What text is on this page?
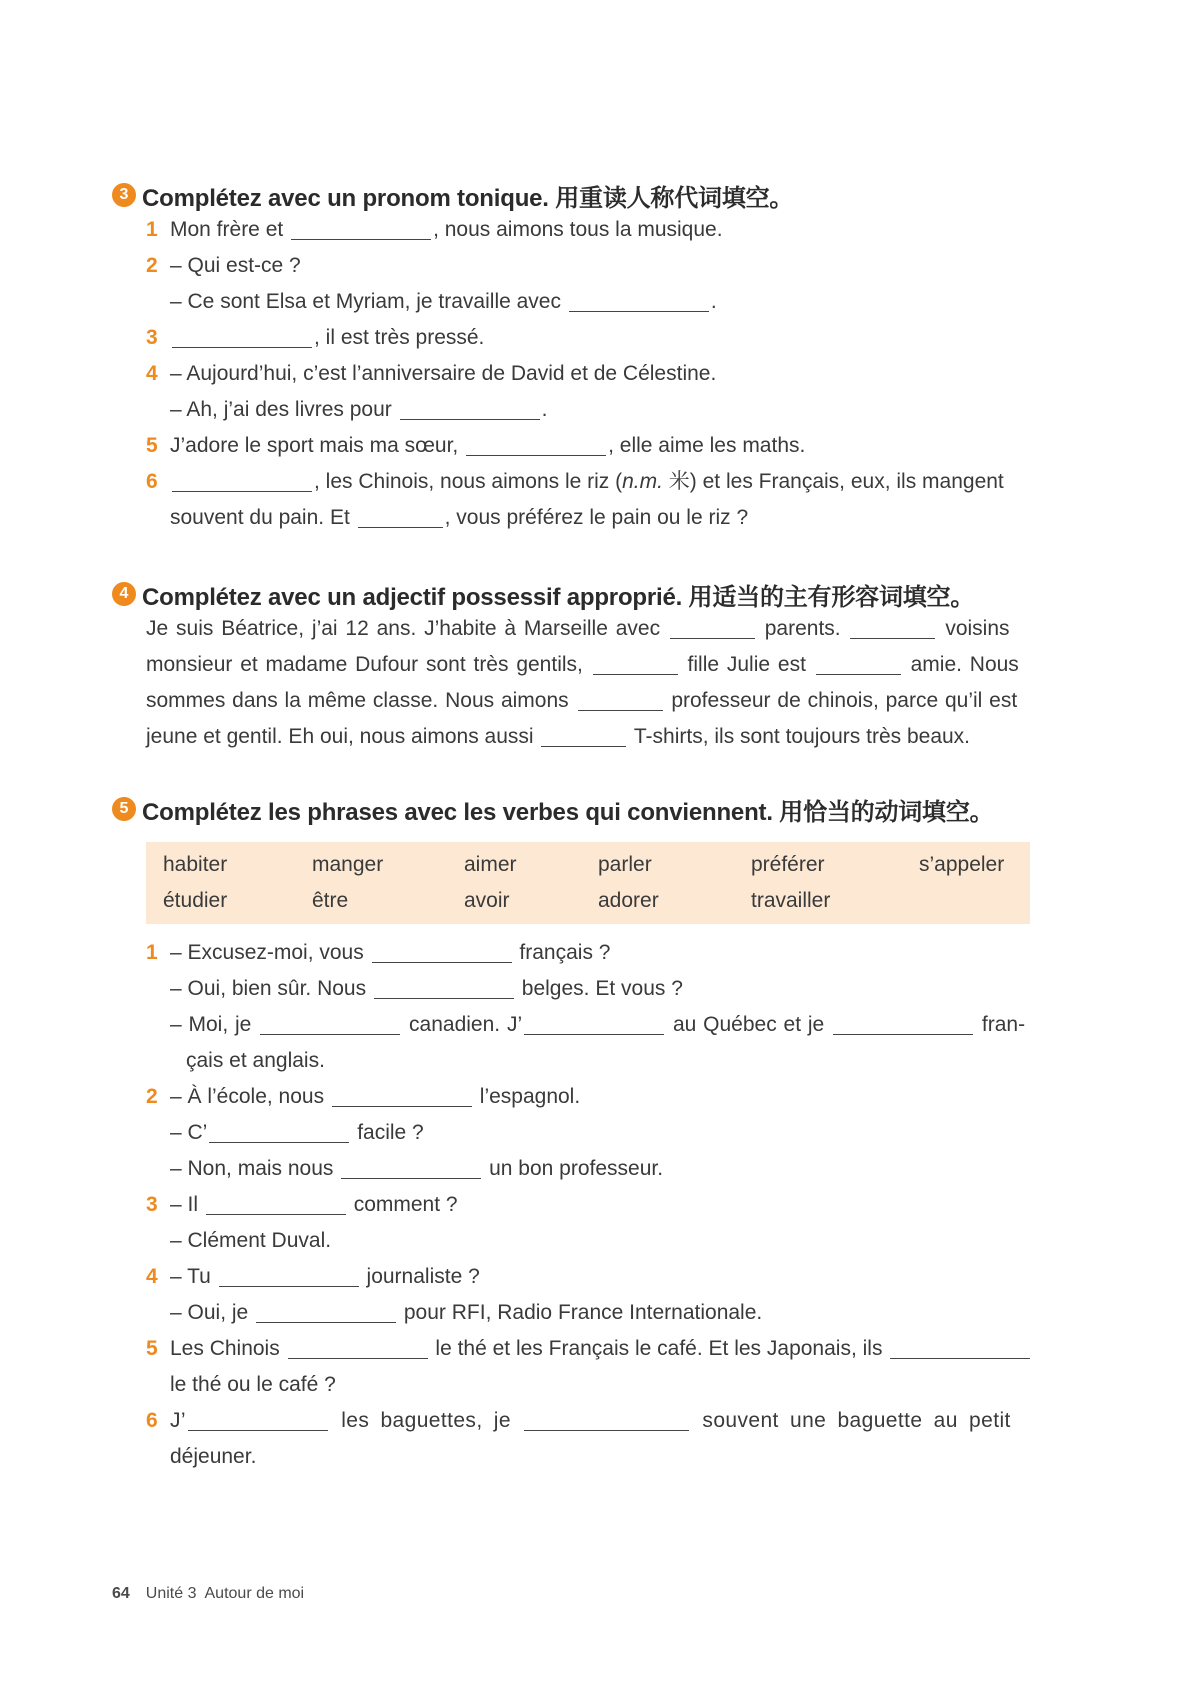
3 Complétez avec un pronom tonique. 用重读人称代词填空。
1 Mon frère et	, nous aimons tous la musique.
2 – Qui est-ce ?
– Ce sont Elsa et Myriam, je travaille avec	.
3	, il est très pressé.
4 – Aujourd’hui, c’est l’anniversaire de David et de Célestine.
– Ah, j’ai des livres pour	.
5 J’adore le sport mais ma sœur,	, elle aime les maths.
6	, les Chinois, nous aimons le riz (n.m. 米) et les Français, eux, ils mangent
souvent du pain. Et	, vous préférez le pain ou le riz ?
4 Complétez avec un adjectif possessif approprié. 用适当的主有形容词填空。
Je suis Béatrice, j’ai 12 ans. J’habite à Marseille avec	parents.	voisins
monsieur et madame Dufour sont très gentils,	fille Julie est	amie. Nous
sommes dans la même classe. Nous aimons	professeur de chinois, parce qu’il est
jeune et gentil. Eh oui, nous aimons aussi	T-shirts, ils sont toujours très beaux.
5 Complétez les phrases avec les verbes qui conviennent. 用恰当的动词填空。
habiter	manger	aimer	parler	préférer	s’appeler
étudier	être	avoir	adorer	travailler
1 – Excusez-moi, vous	français ?
– Oui, bien sûr. Nous	belges. Et vous ?
– Moi, je	canadien. J’	au Québec et je	fran-
çais et anglais.
2 – À l’école, nous	l’espagnol.
– C’	facile ?
– Non, mais nous	un bon professeur.
3 – Il	comment ?
– Clément Duval.
4 – Tu	journaliste ?
– Oui, je	pour RFI, Radio France Internationale.
5 Les Chinois	le thé et les Français le café. Et les Japonais, ils
le thé ou le café ?
6 J’	les baguettes, je	souvent une baguette au petit
déjeuner.
64 Unité 3  Autour de moi
